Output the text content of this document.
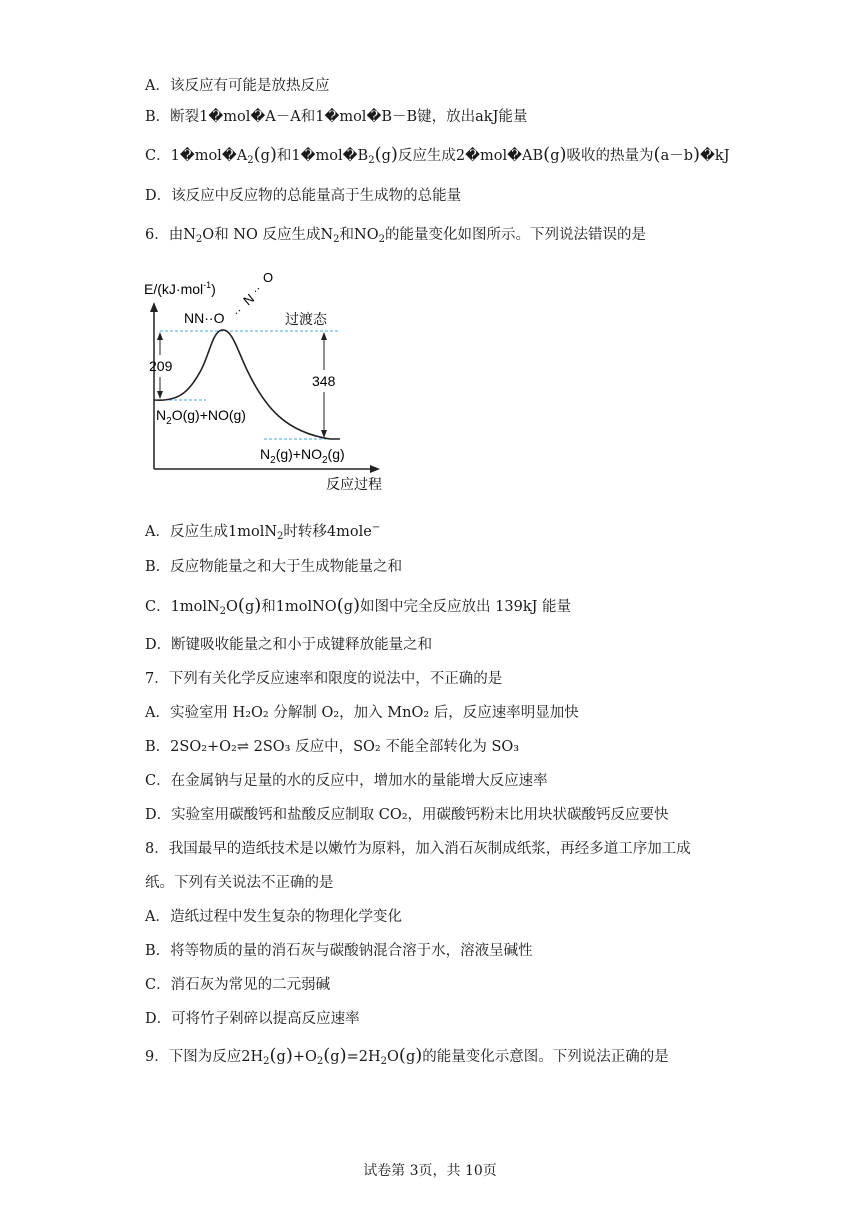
A．该反应有可能是放热反应
B．断裂1�mol�A－A和1�mol�B－B键，放出akJ能量
C．$1�mol�A_2(g)$和$1�mol�B_2(g)$反应生成2�mol�AB(g)吸收的热量为(a－b)�kJ
D．该反应中反应物的总能量高于生成物的总能量
6．由$N_2O$和 NO 反应生成$N_2$和$NO_2$的能量变化如图所示。下列说法错误的是
E/(kJ·mol$^{-1}$)
NN··O ··
N
··
O
过渡态
209
348
$N_2O(g)+NO(g)$
$N_2(g)+NO_2(g)$
反应过程
A．反应生成1molN$_2$时转移4mole−
B．反应物能量之和大于生成物能量之和
C．1molN$_2$O(g)和1molNO(g)如图中完全反应放出 139kJ 能量
D．断键吸收能量之和小于成键释放能量之和
7．下列有关化学反应速率和限度的说法中，不正确的是
A．实验室用 H₂O₂ 分解制 O₂，加入 MnO₂ 后，反应速率明显加快
B．2SO₂+O₂⇌ 2SO₃ 反应中，SO₂ 不能全部转化为 SO₃
C．在金属钠与足量的水的反应中，增加水的量能增大反应速率
D．实验室用碳酸钙和盐酸反应制取 CO₂，用碳酸钙粉末比用块状碳酸钙反应要快
8．我国最早的造纸技术是以嫩竹为原料，加入消石灰制成纸浆，再经多道工序加工成
纸。下列有关说法不正确的是
A．造纸过程中发生复杂的物理化学变化
B．将等物质的量的消石灰与碳酸钠混合溶于水，溶液呈碱性
C．消石灰为常见的二元弱碱
D．可将竹子剁碎以提高反应速率
9．下图为反应$2H_2(g)+O_2(g)=2H_2O(g)$的能量变化示意图。下列说法正确的是
试卷第 3页，共 10页
